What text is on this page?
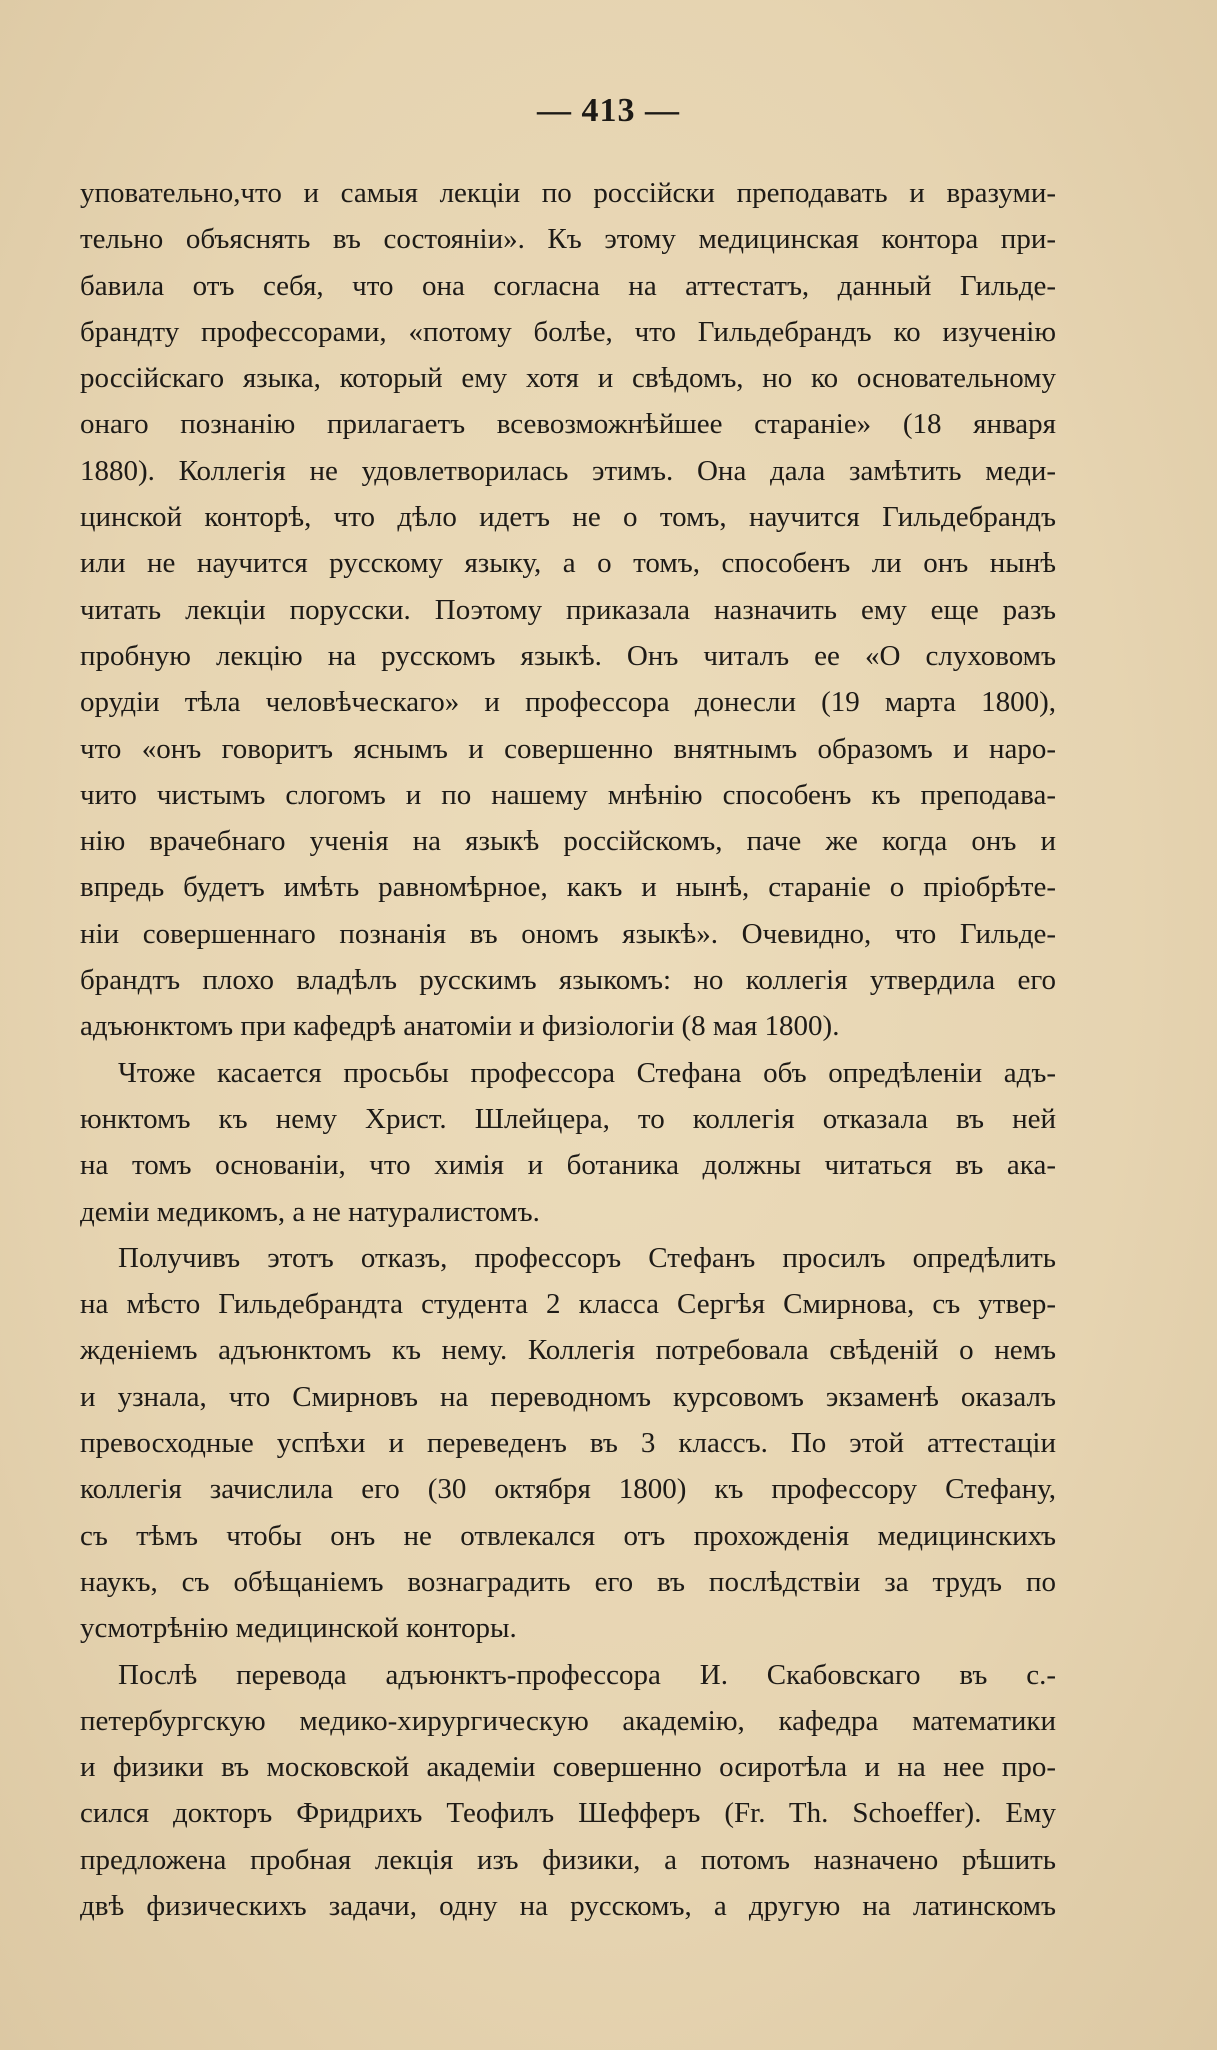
— 413 —
уповательно,что и самыя лекціи по россійски преподавать и вразуми-
тельно объяснять въ состояніи». Къ этому медицинская контора при-
бавила отъ себя, что она согласна на аттестатъ, данный Гильде-
брандту профессорами, «потому болѣе, что Гильдебрандъ ко изученію
россійскаго языка, который ему хотя и свѣдомъ, но ко основательному
онаго познанію прилагаетъ всевозможнѣйшее стараніе» (18 января
1880). Коллегія не удовлетворилась этимъ. Она дала замѣтить меди-
цинской конторѣ, что дѣло идетъ не о томъ, научится Гильдебрандъ
или не научится русскому языку, а о томъ, способенъ ли онъ нынѣ
читать лекціи порусски. Поэтому приказала назначить ему еще разъ
пробную лекцію на русскомъ языкѣ. Онъ читалъ ее «О слуховомъ
орудіи тѣла человѣческаго» и профессора донесли (19 марта 1800),
что «онъ говоритъ яснымъ и совершенно внятнымъ образомъ и наро-
чито чистымъ слогомъ и по нашему мнѣнію способенъ къ преподава-
нію врачебнаго ученія на языкѣ россійскомъ, паче же когда онъ и
впредь будетъ имѣть равномѣрное, какъ и нынѣ, стараніе о пріобрѣте-
ніи совершеннаго познанія въ ономъ языкѣ». Очевидно, что Гильде-
брандтъ плохо владѣлъ русскимъ языкомъ: но коллегія утвердила его
адъюнктомъ при кафедрѣ анатоміи и физіологіи (8 мая 1800).
Чтоже касается просьбы профессора Стефана объ опредѣленіи адъ-
юнктомъ къ нему Христ. Шлейцера, то коллегія отказала въ ней
на томъ основаніи, что химія и ботаника должны читаться въ ака-
деміи медикомъ, а не натуралистомъ.
Получивъ этотъ отказъ, профессоръ Стефанъ просилъ опредѣлить
на мѣсто Гильдебрандта студента 2 класса Сергѣя Смирнова, съ утвер-
жденіемъ адъюнктомъ къ нему. Коллегія потребовала свѣденій о немъ
и узнала, что Смирновъ на переводномъ курсовомъ экзаменѣ оказалъ
превосходные успѣхи и переведенъ въ 3 классъ. По этой аттестаціи
коллегія зачислила его (30 октября 1800) къ профессору Стефану,
съ тѣмъ чтобы онъ не отвлекался отъ прохожденія медицинскихъ
наукъ, съ обѣщаніемъ вознаградить его въ послѣдствіи за трудъ по
усмотрѣнію медицинской конторы.
Послѣ перевода адъюнктъ-профессора И. Скабовскаго въ с.-
петербургскую медико-хирургическую академію, кафедра математики
и физики въ московской академіи совершенно осиротѣла и на нее про-
сился докторъ Фридрихъ Теофилъ Шефферъ (Fr. Th. Schoeffer). Ему
предложена пробная лекція изъ физики, а потомъ назначено рѣшить
двѣ физическихъ задачи, одну на русскомъ, а другую на латинскомъ
